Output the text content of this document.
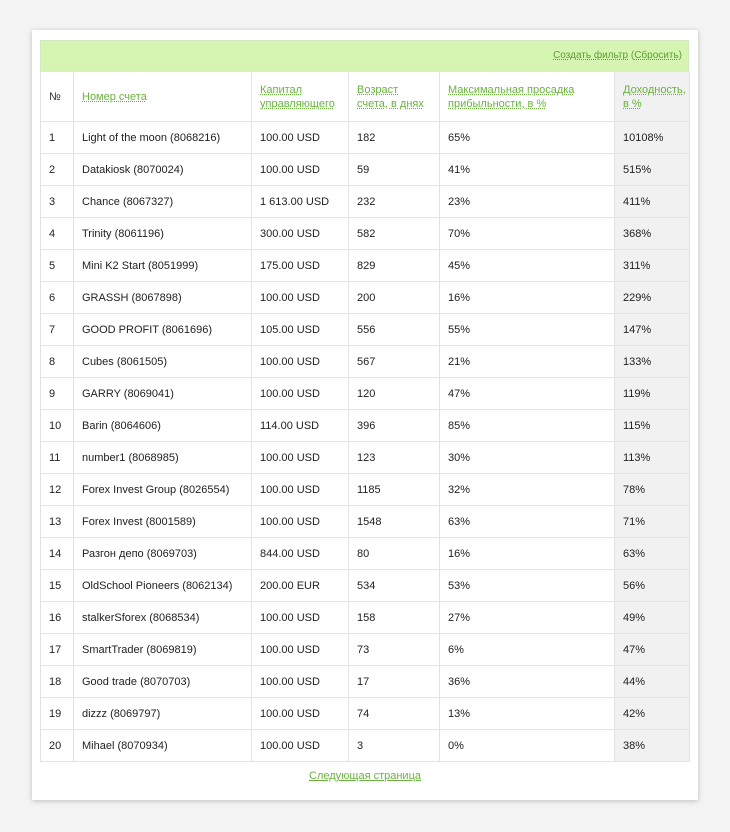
Создать фильтр (Сбросить)
№	Номер счета	Капитал управляющего	Возраст счета, в днях	Максимальная просадка прибыльности, в %	Доходность, в %
1	Light of the moon (8068216)	100.00 USD	182	65%	10108%
2	Datakiosk (8070024)	100.00 USD	59	41%	515%
3	Chance (8067327)	1 613.00 USD	232	23%	411%
4	Trinity (8061196)	300.00 USD	582	70%	368%
5	Mini K2 Start (8051999)	175.00 USD	829	45%	311%
6	GRASSH (8067898)	100.00 USD	200	16%	229%
7	GOOD PROFIT (8061696)	105.00 USD	556	55%	147%
8	Cubes (8061505)	100.00 USD	567	21%	133%
9	GARRY (8069041)	100.00 USD	120	47%	119%
10	Barin (8064606)	114.00 USD	396	85%	115%
11	number1 (8068985)	100.00 USD	123	30%	113%
12	Forex Invest Group (8026554)	100.00 USD	1185	32%	78%
13	Forex Invest (8001589)	100.00 USD	1548	63%	71%
14	Разгон депо (8069703)	844.00 USD	80	16%	63%
15	OldSchool Pioneers (8062134)	200.00 EUR	534	53%	56%
16	stalkerSforex (8068534)	100.00 USD	158	27%	49%
17	SmartTrader (8069819)	100.00 USD	73	6%	47%
18	Good trade (8070703)	100.00 USD	17	36%	44%
19	dizzz (8069797)	100.00 USD	74	13%	42%
20	Mihael (8070934)	100.00 USD	3	0%	38%
Следующая страница
